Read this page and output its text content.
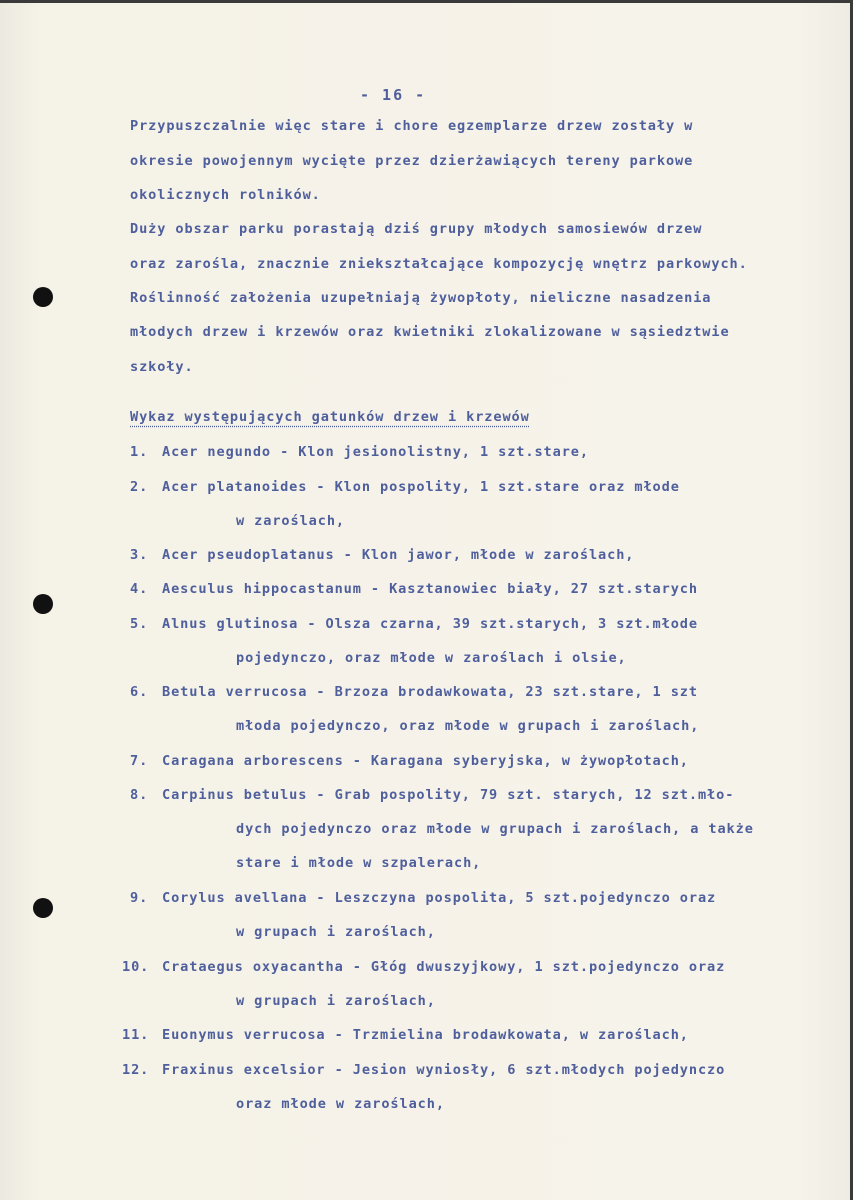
- 16 -
Przypuszczalnie więc stare i chore egzemplarze drzew zostały w
okresie powojennym wycięte przez dzierżawiących tereny parkowe
okolicznych rolników.
Duży obszar parku porastają dziś grupy młodych samosiewów drzew
oraz zarośla, znacznie zniekształcające kompozycję wnętrz parkowych.
Roślinność założenia uzupełniają żywopłoty, nieliczne nasadzenia
młodych drzew i krzewów oraz kwietniki zlokalizowane w sąsiedztwie
szkoły.
Wykaz występujących gatunków drzew i krzewów
1. Acer negundo - Klon jesionolistny, 1 szt.stare,
2. Acer platanoides - Klon pospolity, 1 szt.stare oraz młode
w zaroślach,
3. Acer pseudoplatanus - Klon jawor, młode w zaroślach,
4. Aesculus hippocastanum - Kasztanowiec biały, 27 szt.starych
5. Alnus glutinosa - Olsza czarna, 39 szt.starych, 3 szt.młode
pojedynczo, oraz młode w zaroślach i olsie,
6. Betula verrucosa - Brzoza brodawkowata, 23 szt.stare, 1 szt
młoda pojedynczo, oraz młode w grupach i zaroślach,
7. Caragana arborescens - Karagana syberyjska, w żywopłotach,
8. Carpinus betulus - Grab pospolity, 79 szt. starych, 12 szt.mło-
dych pojedynczo oraz młode w grupach i zaroślach, a także
stare i młode w szpalerach,
9. Corylus avellana - Leszczyna pospolita, 5 szt.pojedynczo oraz
w grupach i zaroślach,
10. Crataegus oxyacantha - Głóg dwuszyjkowy, 1 szt.pojedynczo oraz
w grupach i zaroślach,
11. Euonymus verrucosa - Trzmielina brodawkowata, w zaroślach,
12. Fraxinus excelsior - Jesion wyniosły, 6 szt.młodych pojedynczo
oraz młode w zaroślach,
